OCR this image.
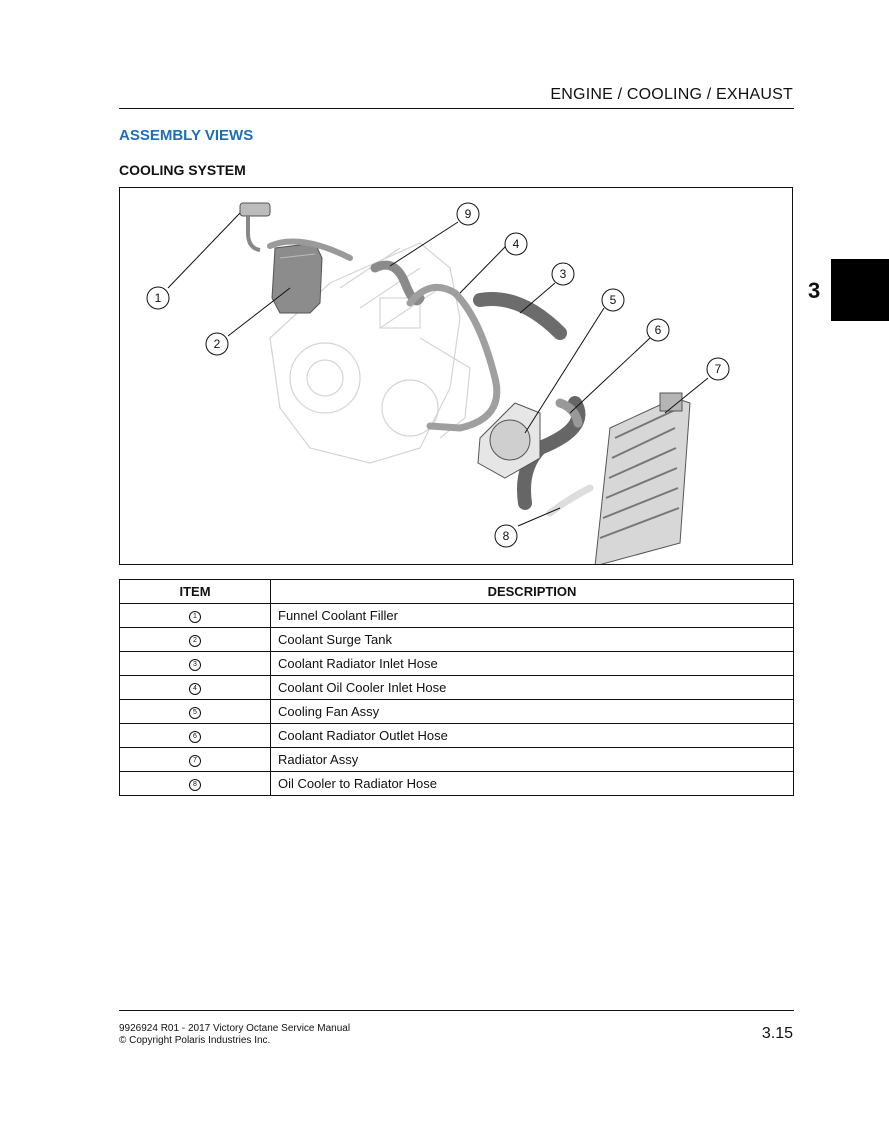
ENGINE / COOLING / EXHAUST
ASSEMBLY VIEWS
COOLING SYSTEM
3
1
2
3
4
5
6
7
8
9
ITEM	DESCRIPTION
1	Funnel Coolant Filler
2	Coolant Surge Tank
3	Coolant Radiator Inlet Hose
4	Coolant Oil Cooler Inlet Hose
5	Cooling Fan Assy
6	Coolant Radiator Outlet Hose
7	Radiator Assy
8	Oil Cooler to Radiator Hose
9926924 R01 - 2017 Victory Octane Service Manual
© Copyright Polaris Industries Inc.	3.15
